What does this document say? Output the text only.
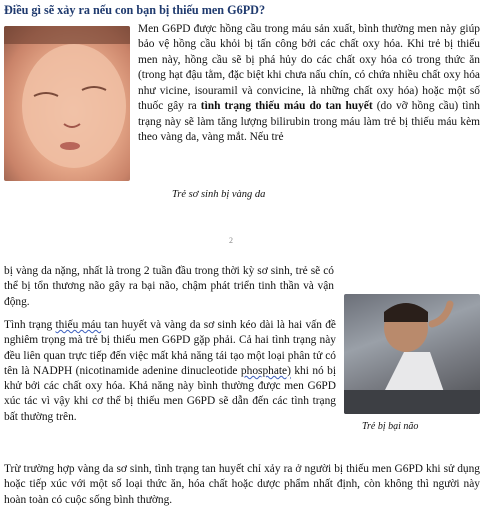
Điều gì sẽ xảy ra nếu con bạn bị thiếu men G6PD?

Men G6PD được hồng cầu trong máu sản xuất, bình thường men này giúp bảo vệ hồng cầu khỏi bị tấn công bởi các chất oxy hóa. Khi trẻ bị thiếu men này, hồng cầu sẽ bị phá hủy do các chất oxy hóa có trong thức ăn (trong hạt đậu tằm, đặc biệt khi chưa nấu chín, có chứa nhiều chất oxy hóa như vicine, isouramil và convicine, là những chất oxy hóa) hoặc một số thuốc gây ra tình trạng thiếu máu do tan huyết (do vỡ hồng cầu) tình trạng này sẽ làm tăng lượng bilirubin trong máu làm trẻ bị thiếu máu kèm theo vàng da, vàng mắt. Nếu trẻ

Trẻ sơ sinh bị vàng da
2

bị vàng da nặng, nhất là trong 2 tuần đầu trong thời kỳ sơ sinh, trẻ sẽ có thể bị tổn thương não gây ra bại não, chậm phát triển tinh thần và vận động.

Tình trạng thiếu máu tan huyết và vàng da sơ sinh kéo dài là hai vấn đề nghiêm trọng mà trẻ bị thiếu men G6PD gặp phải. Cả hai tình trạng này đều liên quan trực tiếp đến việc mất khả năng tái tạo một loại phân tử có tên là NADPH (nicotinamide adenine dinucleotide phosphate) khi nó bị khử bởi các chất oxy hóa. Khả năng này bình thường được men G6PD xúc tác vì vậy khi cơ thể bị thiếu men G6PD sẽ dẫn đến các tình trạng bất thường trên.

Trẻ bị bại não

Trừ trường hợp vàng da sơ sinh, tình trạng tan huyết chỉ xảy ra ở người bị thiếu men G6PD khi sử dụng hoặc tiếp xúc với một số loại thức ăn, hóa chất hoặc dược phẩm nhất định, còn không thì người này hoàn toàn có cuộc sống bình thường.
